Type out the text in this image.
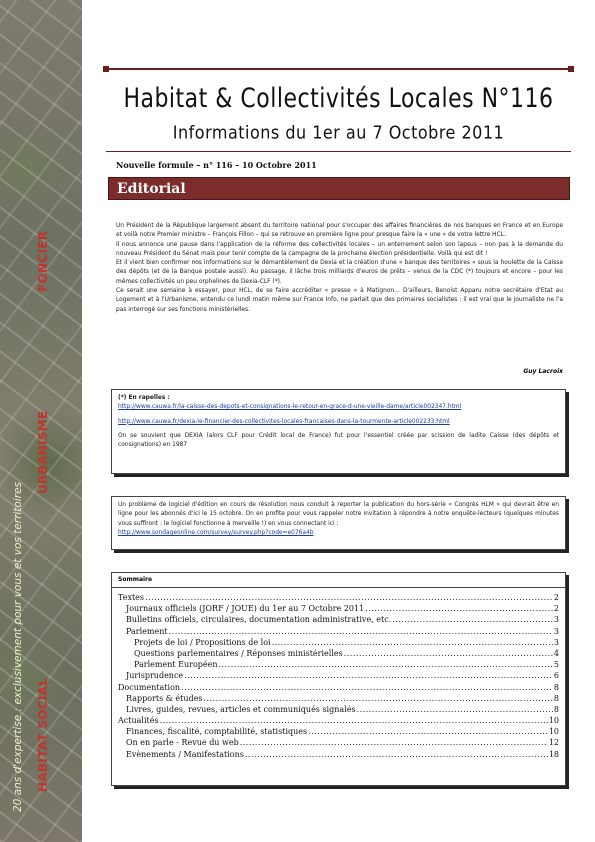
20 ans d'expertise : exclusivement pour vous et vos territoires HABITAT SOCIAL
URBANISME
FONCIER
Habitat & Collectivités Locales N°116
Informations du 1er au 7 Octobre 2011
Nouvelle formule – n° 116 – 10 Octobre 2011
Editorial

Un Président de la République largement absent du territoire national pour s'occuper des affaires financières de nos banques en France et en Europe et voilà notre Premier ministre – François Fillon – qui se retrouve en première ligne pour presque faire la « une » de votre lettre HCL.

Il nous annonce une pause dans l'application de la réforme des collectivités locales – un enterrement selon son lapsus – non pas à la demande du nouveau Président du Sénat mais pour tenir compte de la campagne de la prochaine élection présidentielle. Voilà qui est dit !

Et il vient bien confirmer nos informations sur le démantèlement de Dexia et la création d'une « banque des territoires » sous la houlette de la Caisse des dépôts (et de la Banque postale aussi). Au passage, il lâche trois milliards d'euros de prêts – venus de la CDC (*) toujours et encore – pour les mêmes collectivités un peu orphelines de Dexia-CLF (*).

Ce serait une semaine à essayer, pour HCL, de se faire accréditer « presse » à Matignon… D'ailleurs, Benoist Apparu notre secrétaire d'Etat au Logement et à l'Urbanisme, entendu ce lundi matin même sur France Info, ne parlait que des primaires socialistes : il est vrai que le journaliste ne l'a pas interrogé sur ses fonctions ministérielles.

Guy Lacroix

(*) En rapelles :

http://www.cauwa.fr/la-caisse-des-depots-et-consignations-le-retour-en-grace-d-une-vieille-dame/article002347.html

http://www.cauwa.fr/dexia-le-financier-des-collectivites-locales-francaises-dans-la-tourmente-article002233.html

On se souvient que DEXIA (alors CLF pour Crédit local de France) fut pour l'essentiel créée par scission de ladite Caisse (des dépôts et consignations) en 1987

Un problème de logiciel d'édition en cours de résolution nous conduit à reporter la publication du hors-série « Congrès HLM » qui devrait être en ligne pour les abonnés d'ici le 15 octobre. On en profite pour vous rappeler notre invitation à répondre à notre enquête-lecteurs (quelques minutes vous suffiront : le logiciel fonctionne à merveille !) en vous connectant ici :

http://www.sondageonline.com/survey/survey.php?code=e076a4b

Sommaire
Textes .....	2
Journaux officiels (JORF / JOUE) du 1er au 7 Octobre 2011 .....	2
Bulletins officiels, circulaires, documentation administrative, etc. .....	3
Parlement .....	3
Projets de loi / Propositions de loi .....	3
Questions parlementaires / Réponses ministérielles .....	4
Parlement Européen .....	5
Jurisprudence .....	6
Documentation .....	8
Rapports & études .....	8
Livres, guides, revues, articles et communiqués signalés .....	8
Actualités .....	10
Finances, fiscalité, comptabilité, statistiques .....	10
On en parle - Revue du web .....	12
Evènements / Manifestations .....	18
